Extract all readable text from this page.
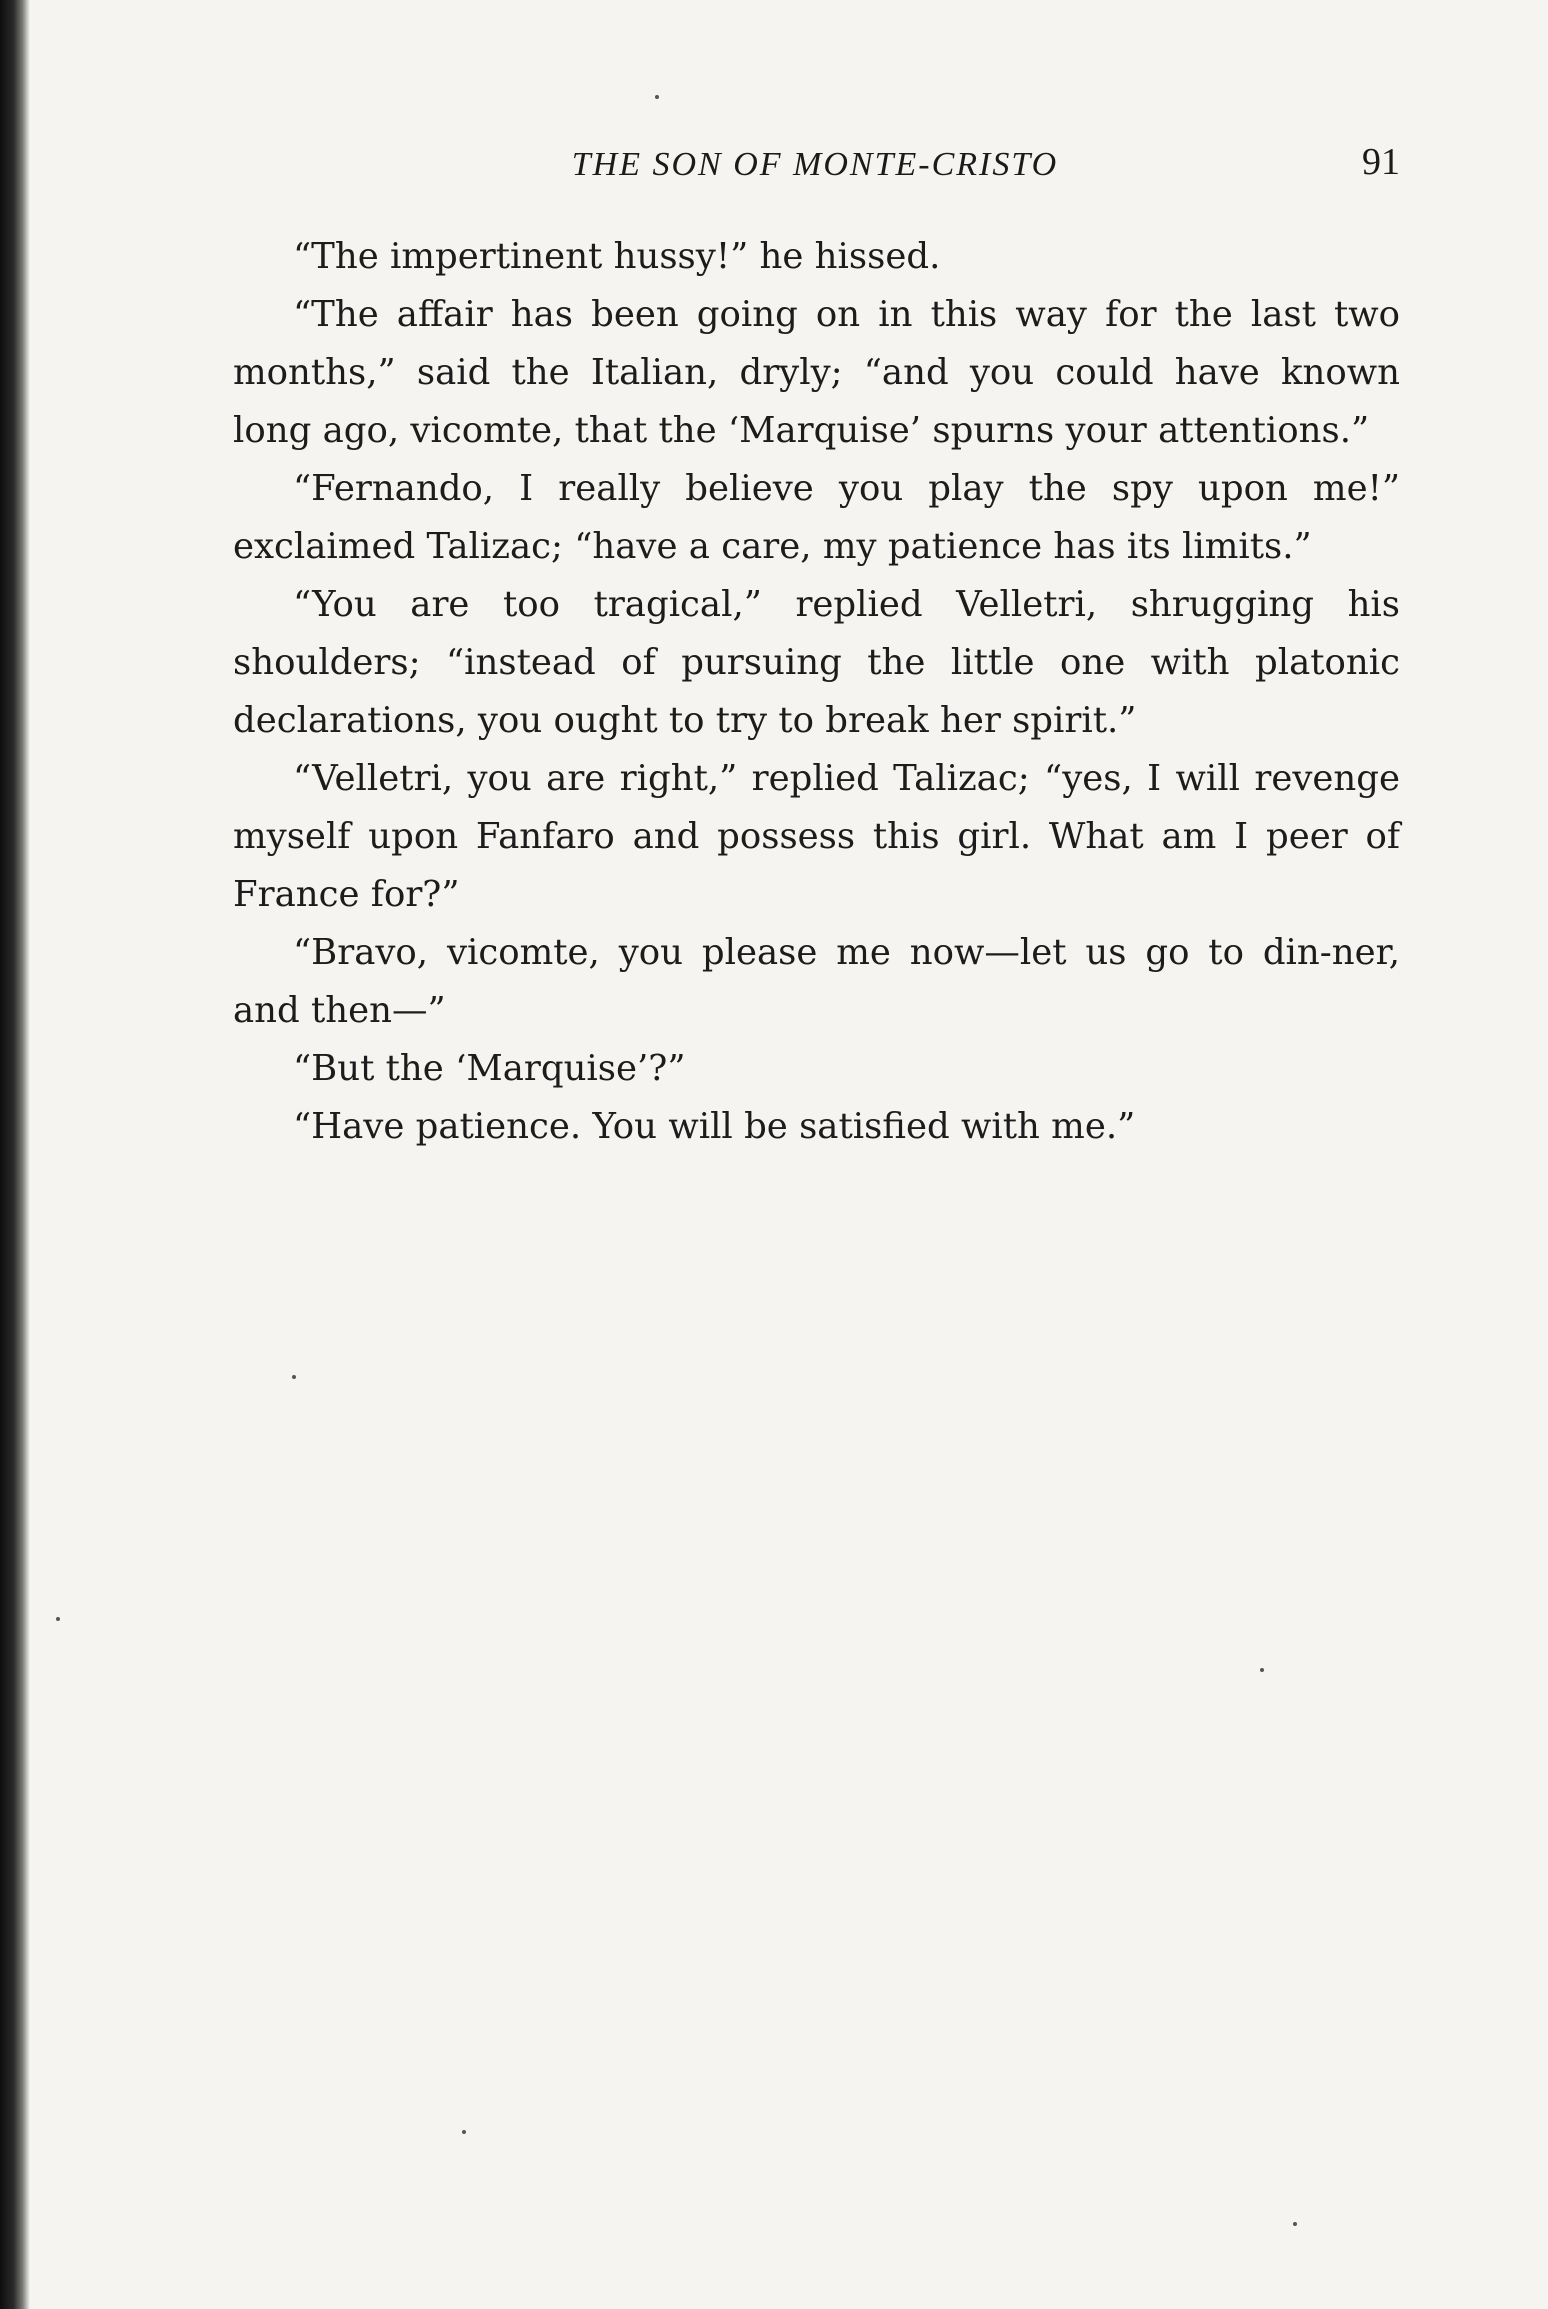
THE SON OF MONTE-CRISTO	91

“The impertinent hussy!” he hissed.

“The affair has been going on in this way for the last two months,” said the Italian, dryly; “and you could have known long ago, vicomte, that the ‘Marquise’ spurns your attentions.”

“Fernando, I really believe you play the spy upon me!” exclaimed Talizac; “have a care, my patience has its limits.”

“You are too tragical,” replied Velletri, shrugging his shoulders; “instead of pursuing the little one with platonic declarations, you ought to try to break her spirit.”

“Velletri, you are right,” replied Talizac; “yes, I will revenge myself upon Fanfaro and possess this girl. What am I peer of France for?”

“Bravo, vicomte, you please me now—let us go to din-ner, and then—”

“But the ‘Marquise’?”

“Have patience. You will be satisfied with me.”
